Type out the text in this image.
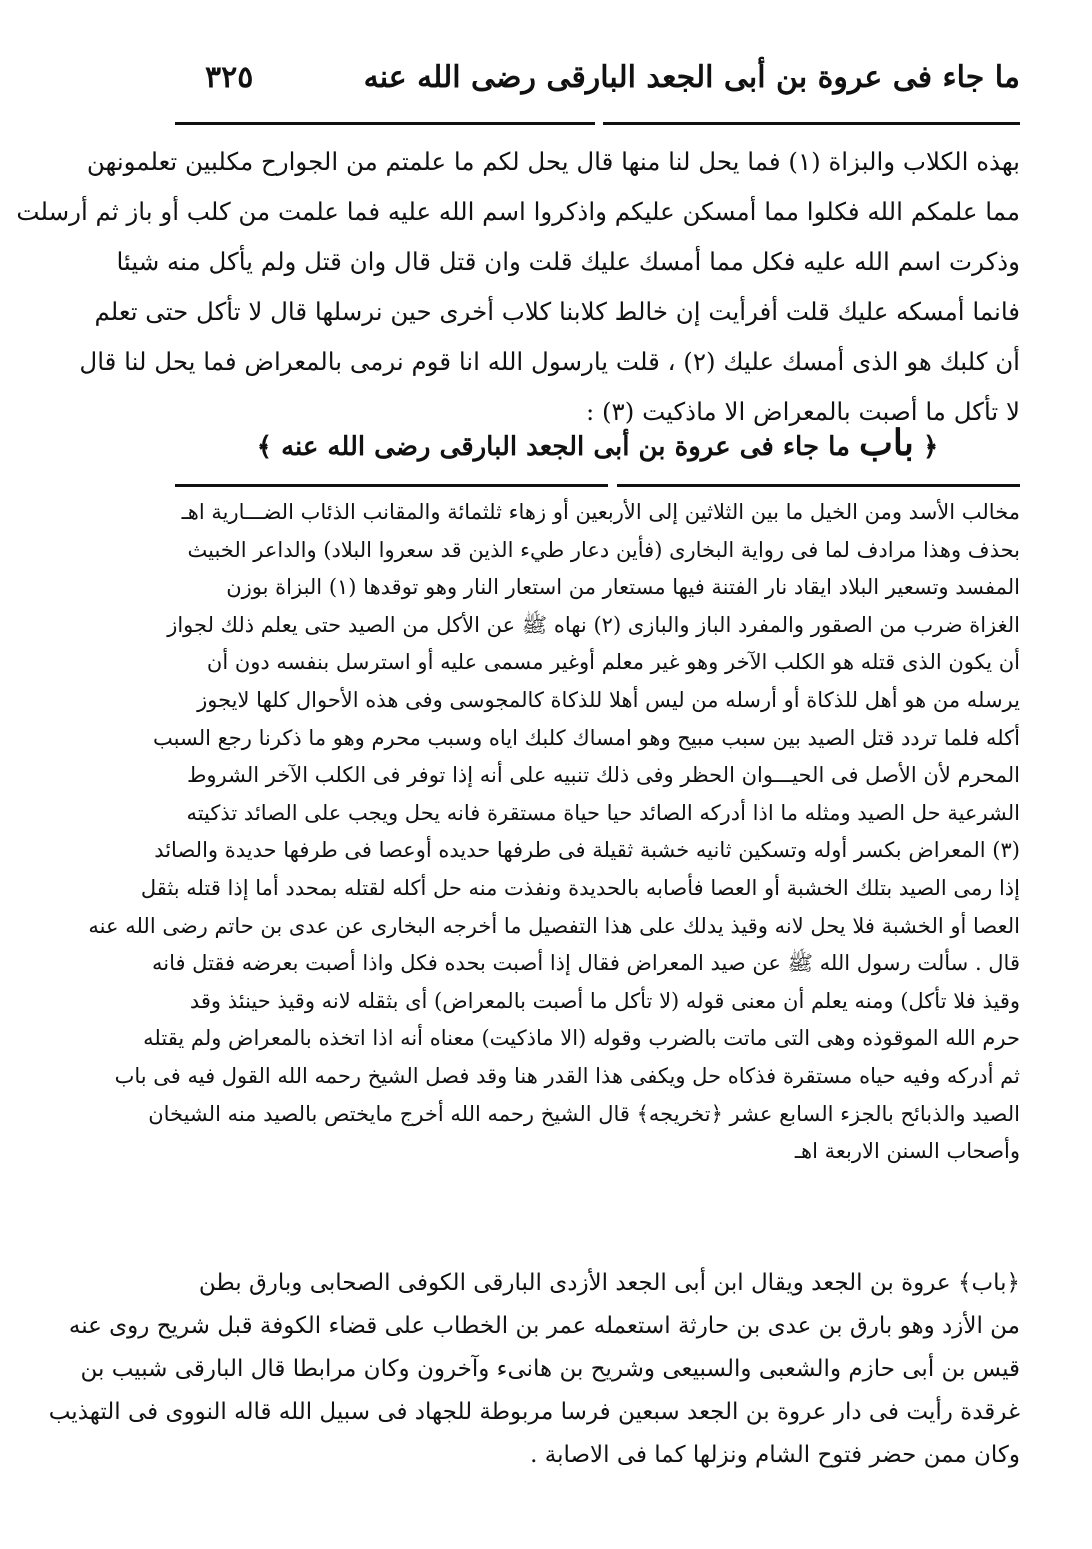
ما جاء فى عروة بن أبى الجعد البارقى رضى الله عنه
٣٢٥
بهذه الكلاب والبزاة (١) فما يحل لنا منها قال يحل لكم ما علمتم من الجوارح مكلبين تعلمونهن
مما علمكم الله فكلوا مما أمسكن عليكم واذكروا اسم الله عليه فما علمت من كلب أو باز ثم أرسلت
وذكرت اسم الله عليه فكل مما أمسك عليك قلت وان قتل قال وان قتل ولم يأكل منه شيئا
فانما أمسكه عليك قلت أفرأيت إن خالط كلابنا كلاب أخرى حين نرسلها قال لا تأكل حتى تعلم
أن كلبك هو الذى أمسك عليك (٢) ، قلت يارسول الله انا قوم نرمى بالمعراض فما يحل لنا قال
لا تأكل ما أصبت بالمعراض الا ماذكيت (٣) :
﴿ باب ما جاء فى عروة بن أبى الجعد البارقى رضى الله عنه ﴾
مخالب الأسد ومن الخيل ما بين الثلاثين إلى الأربعين أو زهاء ثلثمائة والمقانب الذئاب الضـــارية اهـ
بحذف وهذا مرادف لما فى رواية البخارى (فأين دعار طيء الذين قد سعروا البلاد) والداعر الخبيث
المفسد وتسعير البلاد ايقاد نار الفتنة فيها مستعار من استعار النار وهو توقدها (١) البزاة بوزن
الغزاة ضرب من الصقور والمفرد الباز والبازى (٢) نهاه ﷺ عن الأكل من الصيد حتى يعلم ذلك لجواز
أن يكون الذى قتله هو الكلب الآخر وهو غير معلم أوغير مسمى عليه أو استرسل بنفسه دون أن
يرسله من هو أهل للذكاة أو أرسله من ليس أهلا للذكاة كالمجوسى وفى هذه الأحوال كلها لايجوز
أكله فلما تردد قتل الصيد بين سبب مبيح وهو امساك كلبك اياه وسبب محرم وهو ما ذكرنا رجع السبب
المحرم لأن الأصل فى الحيـــوان الحظر وفى ذلك تنبيه على أنه إذا توفر فى الكلب الآخر الشروط
الشرعية حل الصيد ومثله ما اذا أدركه الصائد حيا حياة مستقرة فانه يحل ويجب على الصائد تذكيته
(٣) المعراض بكسر أوله وتسكين ثانيه خشبة ثقيلة فى طرفها حديده أوعصا فى طرفها حديدة والصائد
إذا رمى الصيد بتلك الخشبة أو العصا فأصابه بالحديدة ونفذت منه حل أكله لقتله بمحدد أما إذا قتله بثقل
العصا أو الخشبة فلا يحل لانه وقيذ يدلك على هذا التفصيل ما أخرجه البخارى عن عدى بن حاتم رضى الله عنه
قال . سألت رسول الله ﷺ عن صيد المعراض فقال إذا أصبت بحده فكل واذا أصبت بعرضه فقتل فانه
وقيذ فلا تأكل) ومنه يعلم أن معنى قوله (لا تأكل ما أصبت بالمعراض) أى بثقله لانه وقيذ حينئذ وقد
حرم الله الموقوذه وهى التى ماتت بالضرب وقوله (الا ماذكيت) معناه أنه اذا اتخذه بالمعراض ولم يقتله
ثم أدركه وفيه حياه مستقرة فذكاه حل ويكفى هذا القدر هنا وقد فصل الشيخ رحمه الله القول فيه فى باب
الصيد والذبائح بالجزء السابع عشر ﴿تخريجه﴾ قال الشيخ رحمه الله أخرج مايختص بالصيد منه الشيخان
وأصحاب السنن الاربعة اهـ
﴿باب﴾ عروة بن الجعد ويقال ابن أبى الجعد الأزدى البارقى الكوفى الصحابى وبارق بطن
من الأزد وهو بارق بن عدى بن حارثة استعمله عمر بن الخطاب على قضاء الكوفة قبل شريح روى عنه
قيس بن أبى حازم والشعبى والسبيعى وشريح بن هانىء وآخرون وكان مرابطا قال البارقى شبيب بن
غرقدة رأيت فى دار عروة بن الجعد سبعين فرسا مربوطة للجهاد فى سبيل الله قاله النووى فى التهذيب
وكان ممن حضر فتوح الشام ونزلها كما فى الاصابة .
